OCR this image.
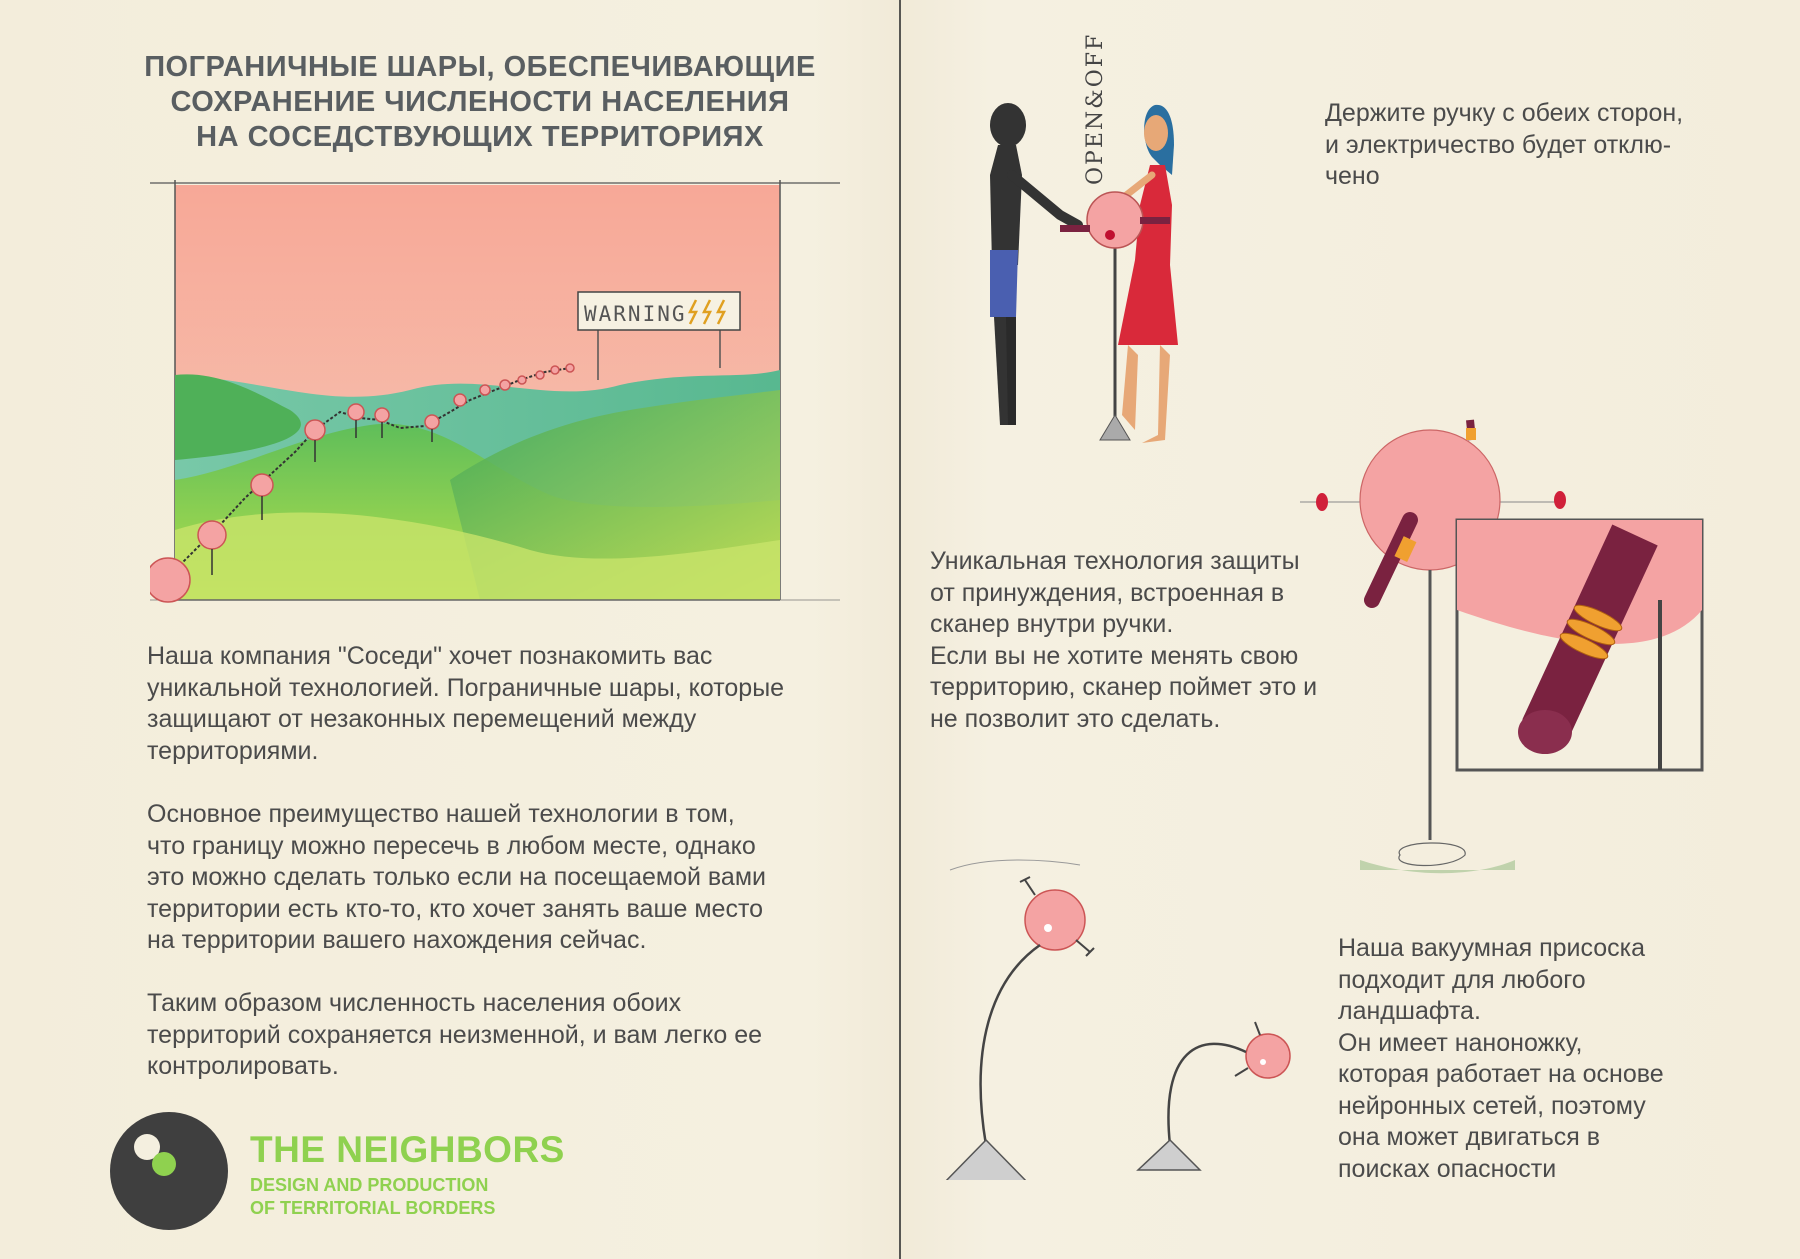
ПОГРАНИЧНЫЕ ШАРЫ, ОБЕСПЕЧИВАЮЩИЕ
СОХРАНЕНИЕ ЧИСЛЕНОСТИ НАСЕЛЕНИЯ
НА СОСЕДСТВУЮЩИХ ТЕРРИТОРИЯХ
WARNING
Наша компания "Соседи" хочет познакомить вас
уникальной технологией. Пограничные шары, которые
защищают от незаконных перемещений между
территориями.
Основное преимущество нашей технологии в том,
что границу можно пересечь в любом месте, однако
это можно сделать только если на посещаемой вами
территории есть кто-то, кто хочет занять ваше место
на территории вашего нахождения сейчас.
Таким образом численность населения обоих
территорий сохраняется неизменной, и вам легко ее
контролировать.
THE NEIGHBORS
DESIGN AND PRODUCTION
OF TERRITORIAL BORDERS
OPEN&OFF	Держите ручку с обеих сторон,
и электричество будет отклю-
чено
Уникальная технология защиты
от принуждения, встроенная в
сканер внутри ручки.
Если вы не хотите менять свою
территорию, сканер поймет это и
не позволит это сделать.
Наша вакуумная присоска
подходит для любого
ландшафта.
Он имеет наноножку,
которая работает на основе
нейронных сетей, поэтому
она может двигаться в
поисках опасности
